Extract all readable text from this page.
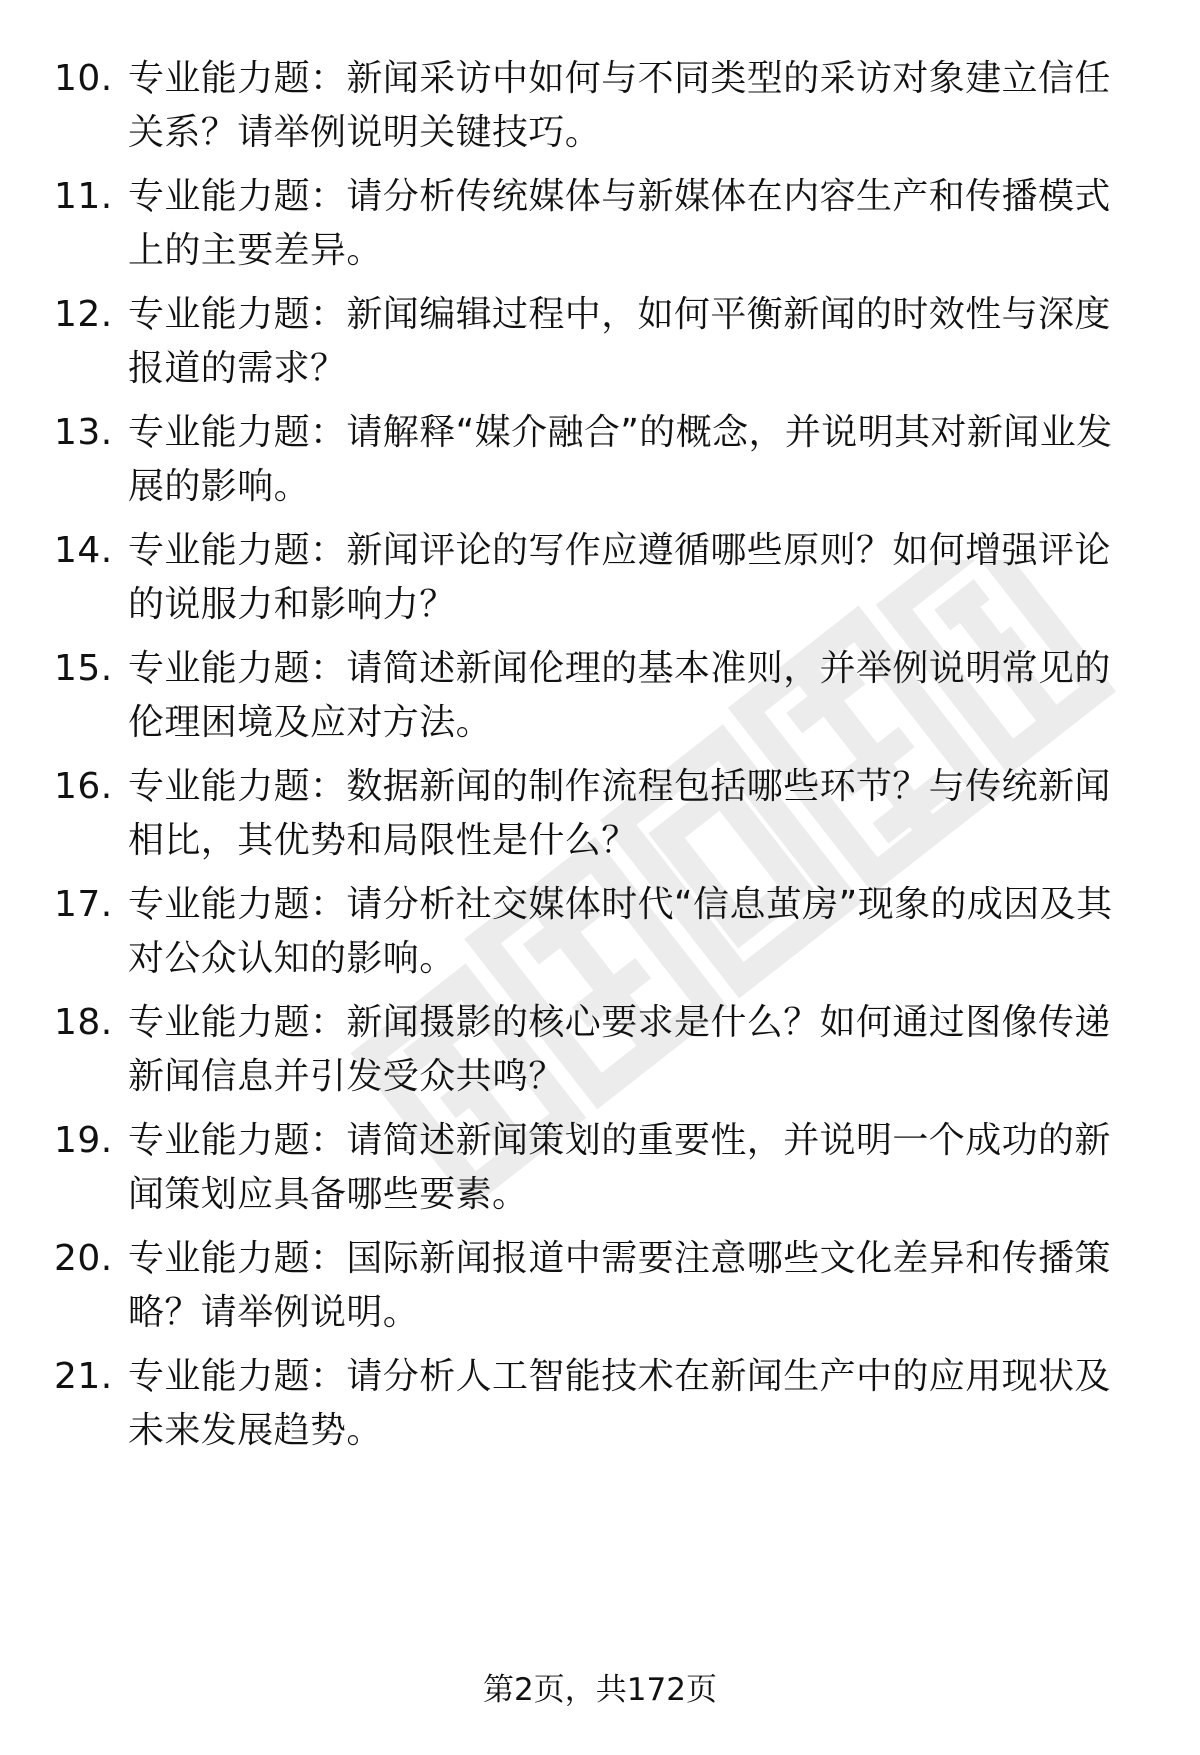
10. 专业能力题：新闻采访中如何与不同类型的采访对象建立信任关系？请举例说明关键技巧。
11. 专业能力题：请分析传统媒体与新媒体在内容生产和传播模式上的主要差异。
12. 专业能力题：新闻编辑过程中，如何平衡新闻的时效性与深度报道的需求？
13. 专业能力题：请解释“媒介融合”的概念，并说明其对新闻业发展的影响。
14. 专业能力题：新闻评论的写作应遵循哪些原则？如何增强评论的说服力和影响力？
15. 专业能力题：请简述新闻伦理的基本准则，并举例说明常见的伦理困境及应对方法。
16. 专业能力题：数据新闻的制作流程包括哪些环节？与传统新闻相比，其优势和局限性是什么？
17. 专业能力题：请分析社交媒体时代“信息茧房”现象的成因及其对公众认知的影响。
18. 专业能力题：新闻摄影的核心要求是什么？如何通过图像传递新闻信息并引发受众共鸣？
19. 专业能力题：请简述新闻策划的重要性，并说明一个成功的新闻策划应具备哪些要素。
20. 专业能力题：国际新闻报道中需要注意哪些文化差异和传播策略？请举例说明。
21. 专业能力题：请分析人工智能技术在新闻生产中的应用现状及未来发展趋势。
第2页，共172页
